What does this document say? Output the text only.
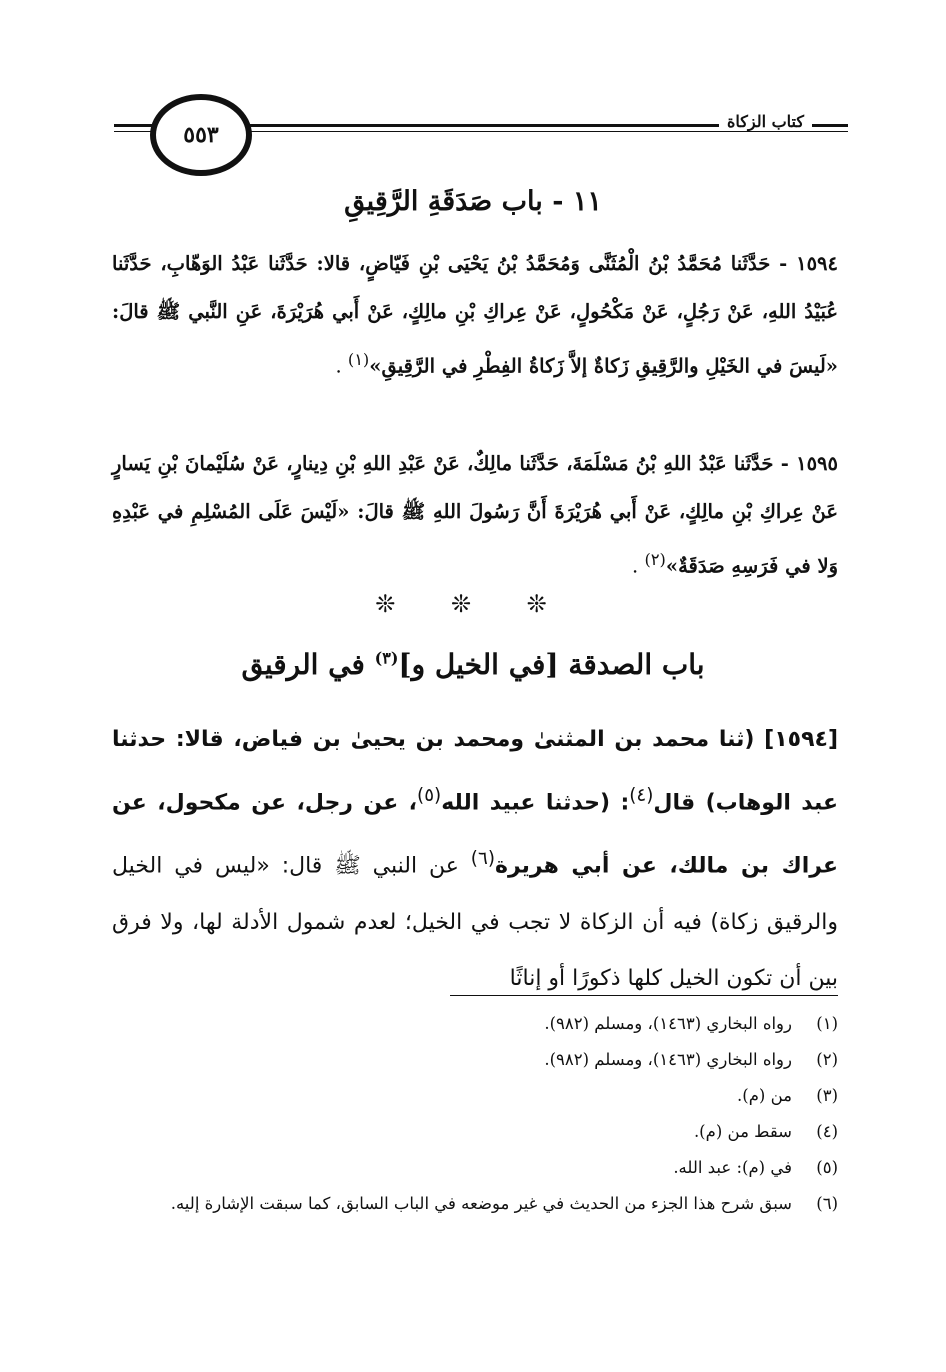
٥٥٣
كتاب الزكاة
١١ - باب صَدَقَةِ الرَّقِيقِ

١٥٩٤ - حَدَّثَنا مُحَمَّدُ بْنُ الْمُثَنَّى وَمُحَمَّدُ بْنُ يَحْيَى بْنِ فَيّاضٍ، قالا: حَدَّثَنا عَبْدُ الوَهّابِ، حَدَّثَنا عُبَيْدُ اللهِ، عَنْ رَجُلٍ، عَنْ مَكْحُولٍ، عَنْ عِراكِ بْنِ مالِكٍ، عَنْ أَبي هُرَيْرَةَ، عَنِ النَّبي ﷺ قالَ: «لَيسَ في الخَيْلِ والرَّقِيقِ زَكاةٌ إلاَّ زَكاةُ الفِطْرِ في الرَّقِيقِ»$^{(١)}$ .

١٥٩٥ - حَدَّثَنا عَبْدُ اللهِ بْنُ مَسْلَمَةَ، حَدَّثَنا مالِكٌ، عَنْ عَبْدِ اللهِ بْنِ دِينارٍ، عَنْ سُلَيْمانَ بْنِ يَسارٍ عَنْ عِراكِ بْنِ مالِكٍ، عَنْ أَبي هُرَيْرَةَ أَنَّ رَسُولَ اللهِ ﷺ قالَ: «لَيْسَ عَلَى المُسْلِمِ في عَبْدِهِ وَلا في فَرَسِهِ صَدَقَةٌ»$^{(٢)}$ .

❊ ❊ ❊
باب الصدقة [في الخيل و]$^{(٣)}$ في الرقيق

[١٥٩٤] (ثنا محمد بن المثنىٰ ومحمد بن يحيىٰ بن فياض، قالا: حدثنا عبد الوهاب) قال$^{(٤)}$: (حدثنا عبيد الله$^{(٥)}$، عن رجل، عن مكحول، عن عراك بن مالك، عن أبي هريرة$^{(٦)}$ عن النبي ﷺ قال: «ليس في الخيل والرقيق زكاة) فيه أن الزكاة لا تجب في الخيل؛ لعدم شمول الأدلة لها، ولا فرق بين أن تكون الخيل كلها ذكورًا أو إناثًا

(١)
رواه البخاري (١٤٦٣)، ومسلم (٩٨٢).
(٢)
رواه البخاري (١٤٦٣)، ومسلم (٩٨٢).
(٣)
من (م).
(٤)
سقط من (م).
(٥)
في (م): عبد الله.
(٦)
سبق شرح هذا الجزء من الحديث في غير موضعه في الباب السابق، كما سبقت الإشارة إليه.
